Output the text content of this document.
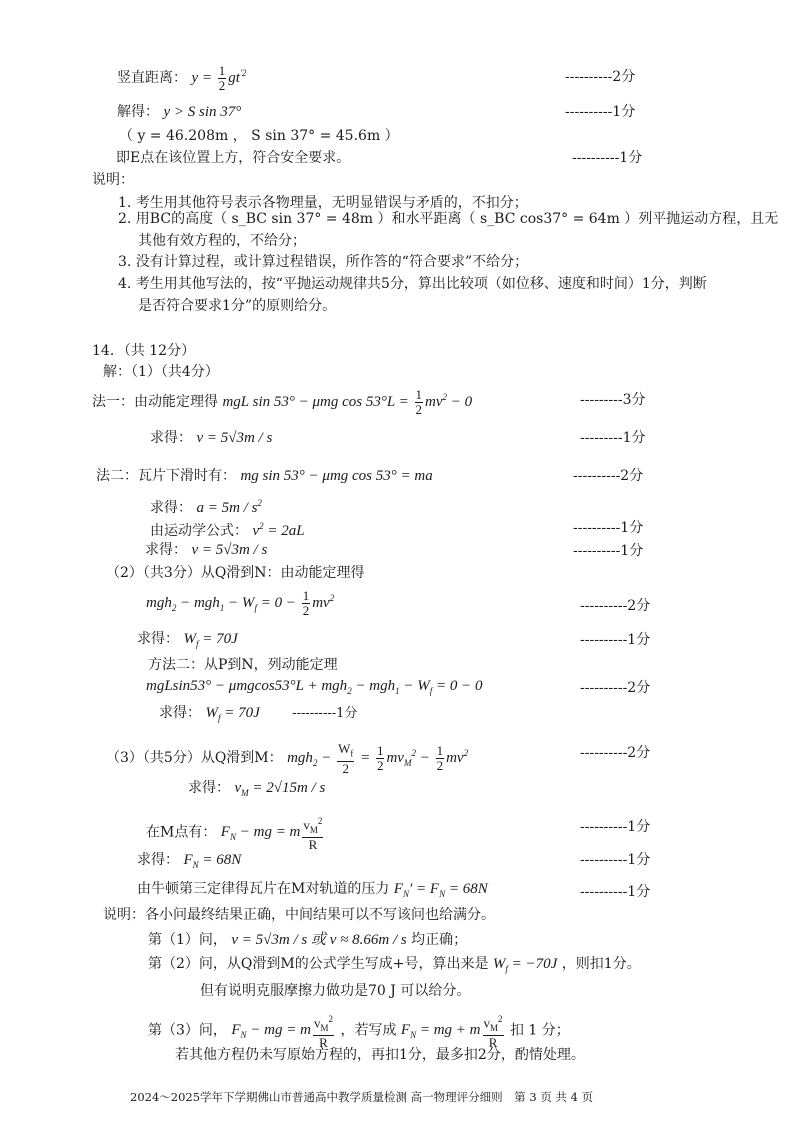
竖直距离： $y = \frac{1}{2} gt^{'2}$	----------2分
解得： y > S sin 37°	----------1分
（ y = 46.208m ， S sin 37° = 45.6m ）
即E点在该位置上方，符合安全要求。	----------1分
说明：
1. 考生用其他符号表示各物理量，无明显错误与矛盾的，不扣分；
2. 用BC的高度（ s_BC sin 37° = 48m ）和水平距离（ s_BC cos37° = 64m ）列平抛运动方程，且无
其他有效方程的，不给分；
3. 没有计算过程，或计算过程错误，所作答的“符合要求”不给分；
4. 考生用其他写法的，按“平抛运动规律共5分，算出比较项（如位移、速度和时间）1分，判断
是否符合要求1分”的原则给分。
14．（共 12分）
解：（1）（共4分）
法一：由动能定理得 mgL sin 53° − μmg $\cos 53^\circ L = \frac{1}{2} mv^2 - 0$	---------3分
求得： v = 5√3m / s	---------1分
法二：瓦片下滑时有： mg sin 53° − μmg cos 53° = ma	----------2分
求得： $a = 5m / s^2$
由运动学公式： $v^2 = 2aL$	----------1分
求得： v = 5√3m / s	----------1分
（2）（共3分）从Q滑到N：由动能定理得
$mgh_2 - mgh_1 - W_f = 0 - \frac{1}{2} mv^2$	----------2分
求得： $W_f = 70J$	----------1分
方法二：从P到N，列动能定理
$mgLsin53^\circ - \mu mgcos53^\circ L + mgh_2 - mgh_1 - W_f = 0 - 0$	----------2分
求得： $W_f = 70J$ ----------1分
（3）（共5分）从Q滑到M： $mgh_2 - \frac{W_f}{2} = \frac{1}{2} mv_M^2 - \frac{1}{2} mv^2$	----------2分
求得： $v_M = 2√15m / s$
在M点有： $F_N$ − mg = m $\frac{v_M^2}{R}$	----------1分
求得： $F_N = 68N$	----------1分
由牛顿第三定律得瓦片在M对轨道的压力 $F_N' = F_N = 68N$	----------1分
说明：各小问最终结果正确，中间结果可以不写该问也给满分。
第（1）问， v = 5√3m / s 或 v ≈ 8.66m / s 均正确；
第（2）问，从Q滑到M的公式学生写成+号，算出来是 $W_f = -70J$ ，则扣1分。
但有说明克服摩擦力做功是70 J 可以给分。
第（3）问， $F_N$ − mg = m $\frac{v_M^2}{R}$ ，若写成 $F_N$ = mg + m $\frac{v_M^2}{R}$ 扣 1 分；
若其他方程仍未写原始方程的，再扣1分，最多扣2分，酌情处理。
2024～2025学年下学期佛山市普通高中教学质量检测 高一物理评分细则　第 3 页 共 4 页
